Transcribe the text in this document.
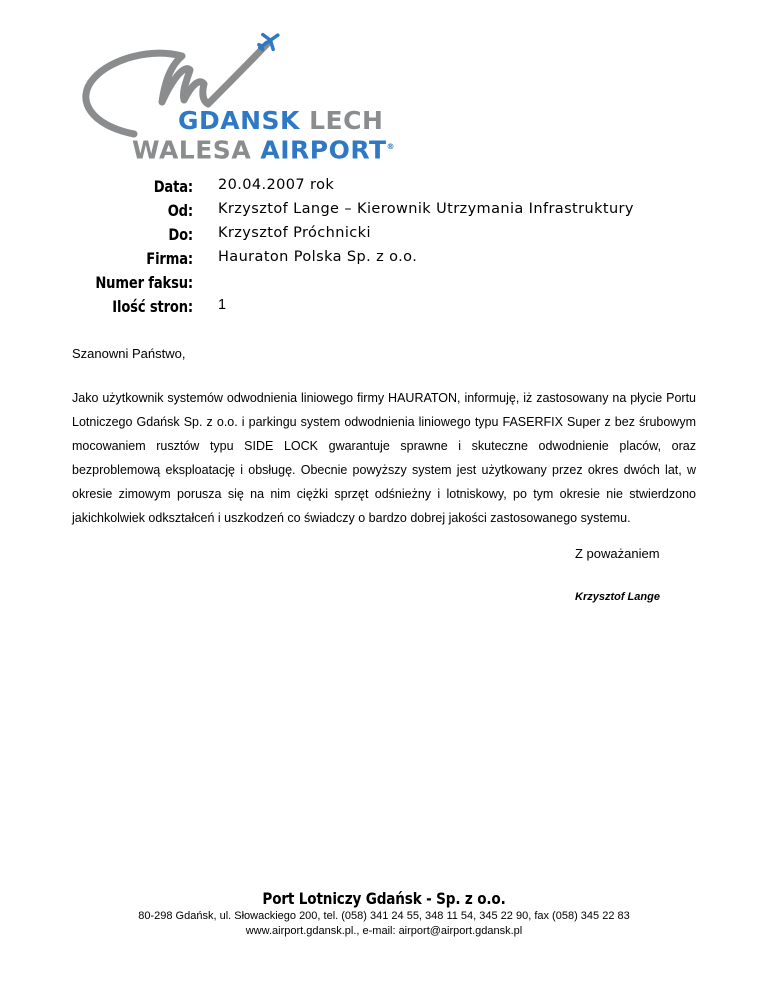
GDANSK LECH
WALESA AIRPORT®
Data: 20.04.2007 rok
Od: Krzysztof Lange – Kierownik Utrzymania Infrastruktury
Do: Krzysztof Próchnicki
Firma: Hauraton Polska Sp. z o.o.
Numer faksu:
Ilość stron: 1
Szanowni Państwo,
Jako użytkownik systemów odwodnienia liniowego firmy HAURATON, informuję, iż zastosowany na płycie Portu Lotniczego Gdańsk Sp. z o.o. i parkingu system odwodnienia liniowego typu FASERFIX Super z bez śrubowym mocowaniem rusztów typu SIDE LOCK gwarantuje sprawne i skuteczne odwodnienie placów, oraz bezproblemową eksploatację i obsługę. Obecnie powyższy system jest użytkowany przez okres dwóch lat, w okresie zimowym porusza się na nim ciężki sprzęt odśnieżny i lotniskowy, po tym okresie nie stwierdzono jakichkolwiek odkształceń i uszkodzeń co świadczy o bardzo dobrej jakości zastosowanego systemu.
Z poważaniem
Krzysztof Lange
Port Lotniczy Gdańsk - Sp. z o.o.
80-298 Gdańsk, ul. Słowackiego 200, tel. (058) 341 24 55, 348 11 54, 345 22 90, fax (058) 345 22 83
www.airport.gdansk.pl., e-mail: airport@airport.gdansk.pl
